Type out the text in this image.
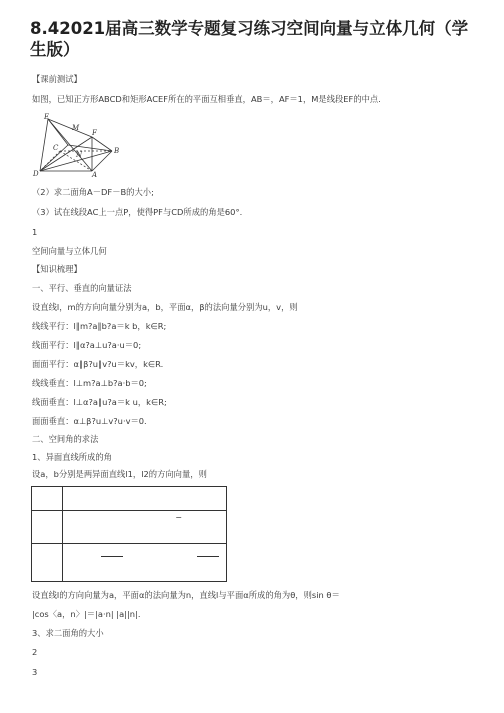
8.42021届高三数学专题复习练习空间向量与立体几何（学生版）
【课前测试】
如图，已知正方形ABCD和矩形ACEF所在的平面互相垂直，AB＝，AF＝1，M是线段EF的中点.
E
M
F
C
N	B
D	A
（2）求二面角A－DF－B的大小;
（3）试在线段AC上一点P，使得PF与CD所成的角是60°.
1
空间向量与立体几何
【知识梳理】
一、平行、垂直的向量证法
设直线l，m的方向向量分别为a，b，平面α，β的法向量分别为u，v，则
线线平行：l∥m?a∥b?a＝k b，k∈R;
线面平行：l∥α?a⊥u?a·u＝0;
面面平行：α∥β?u∥v?u＝kv，k∈R.
线线垂直：l⊥m?a⊥b?a·b＝0;
线面垂直：l⊥α?a∥u?a＝k u，k∈R;
面面垂直：α⊥β?u⊥v?u·v＝0.
二、空间角的求法
1、异面直线所成的角
设a，b分别是两异面直线l1，l2的方向向量，则

	−

设直线l的方向向量为a，平面α的法向量为n，直线l与平面α所成的角为θ，则sin θ＝
|cos〈a，n〉|＝|a·n| |a||n|.
3、求二面角的大小
2
3
